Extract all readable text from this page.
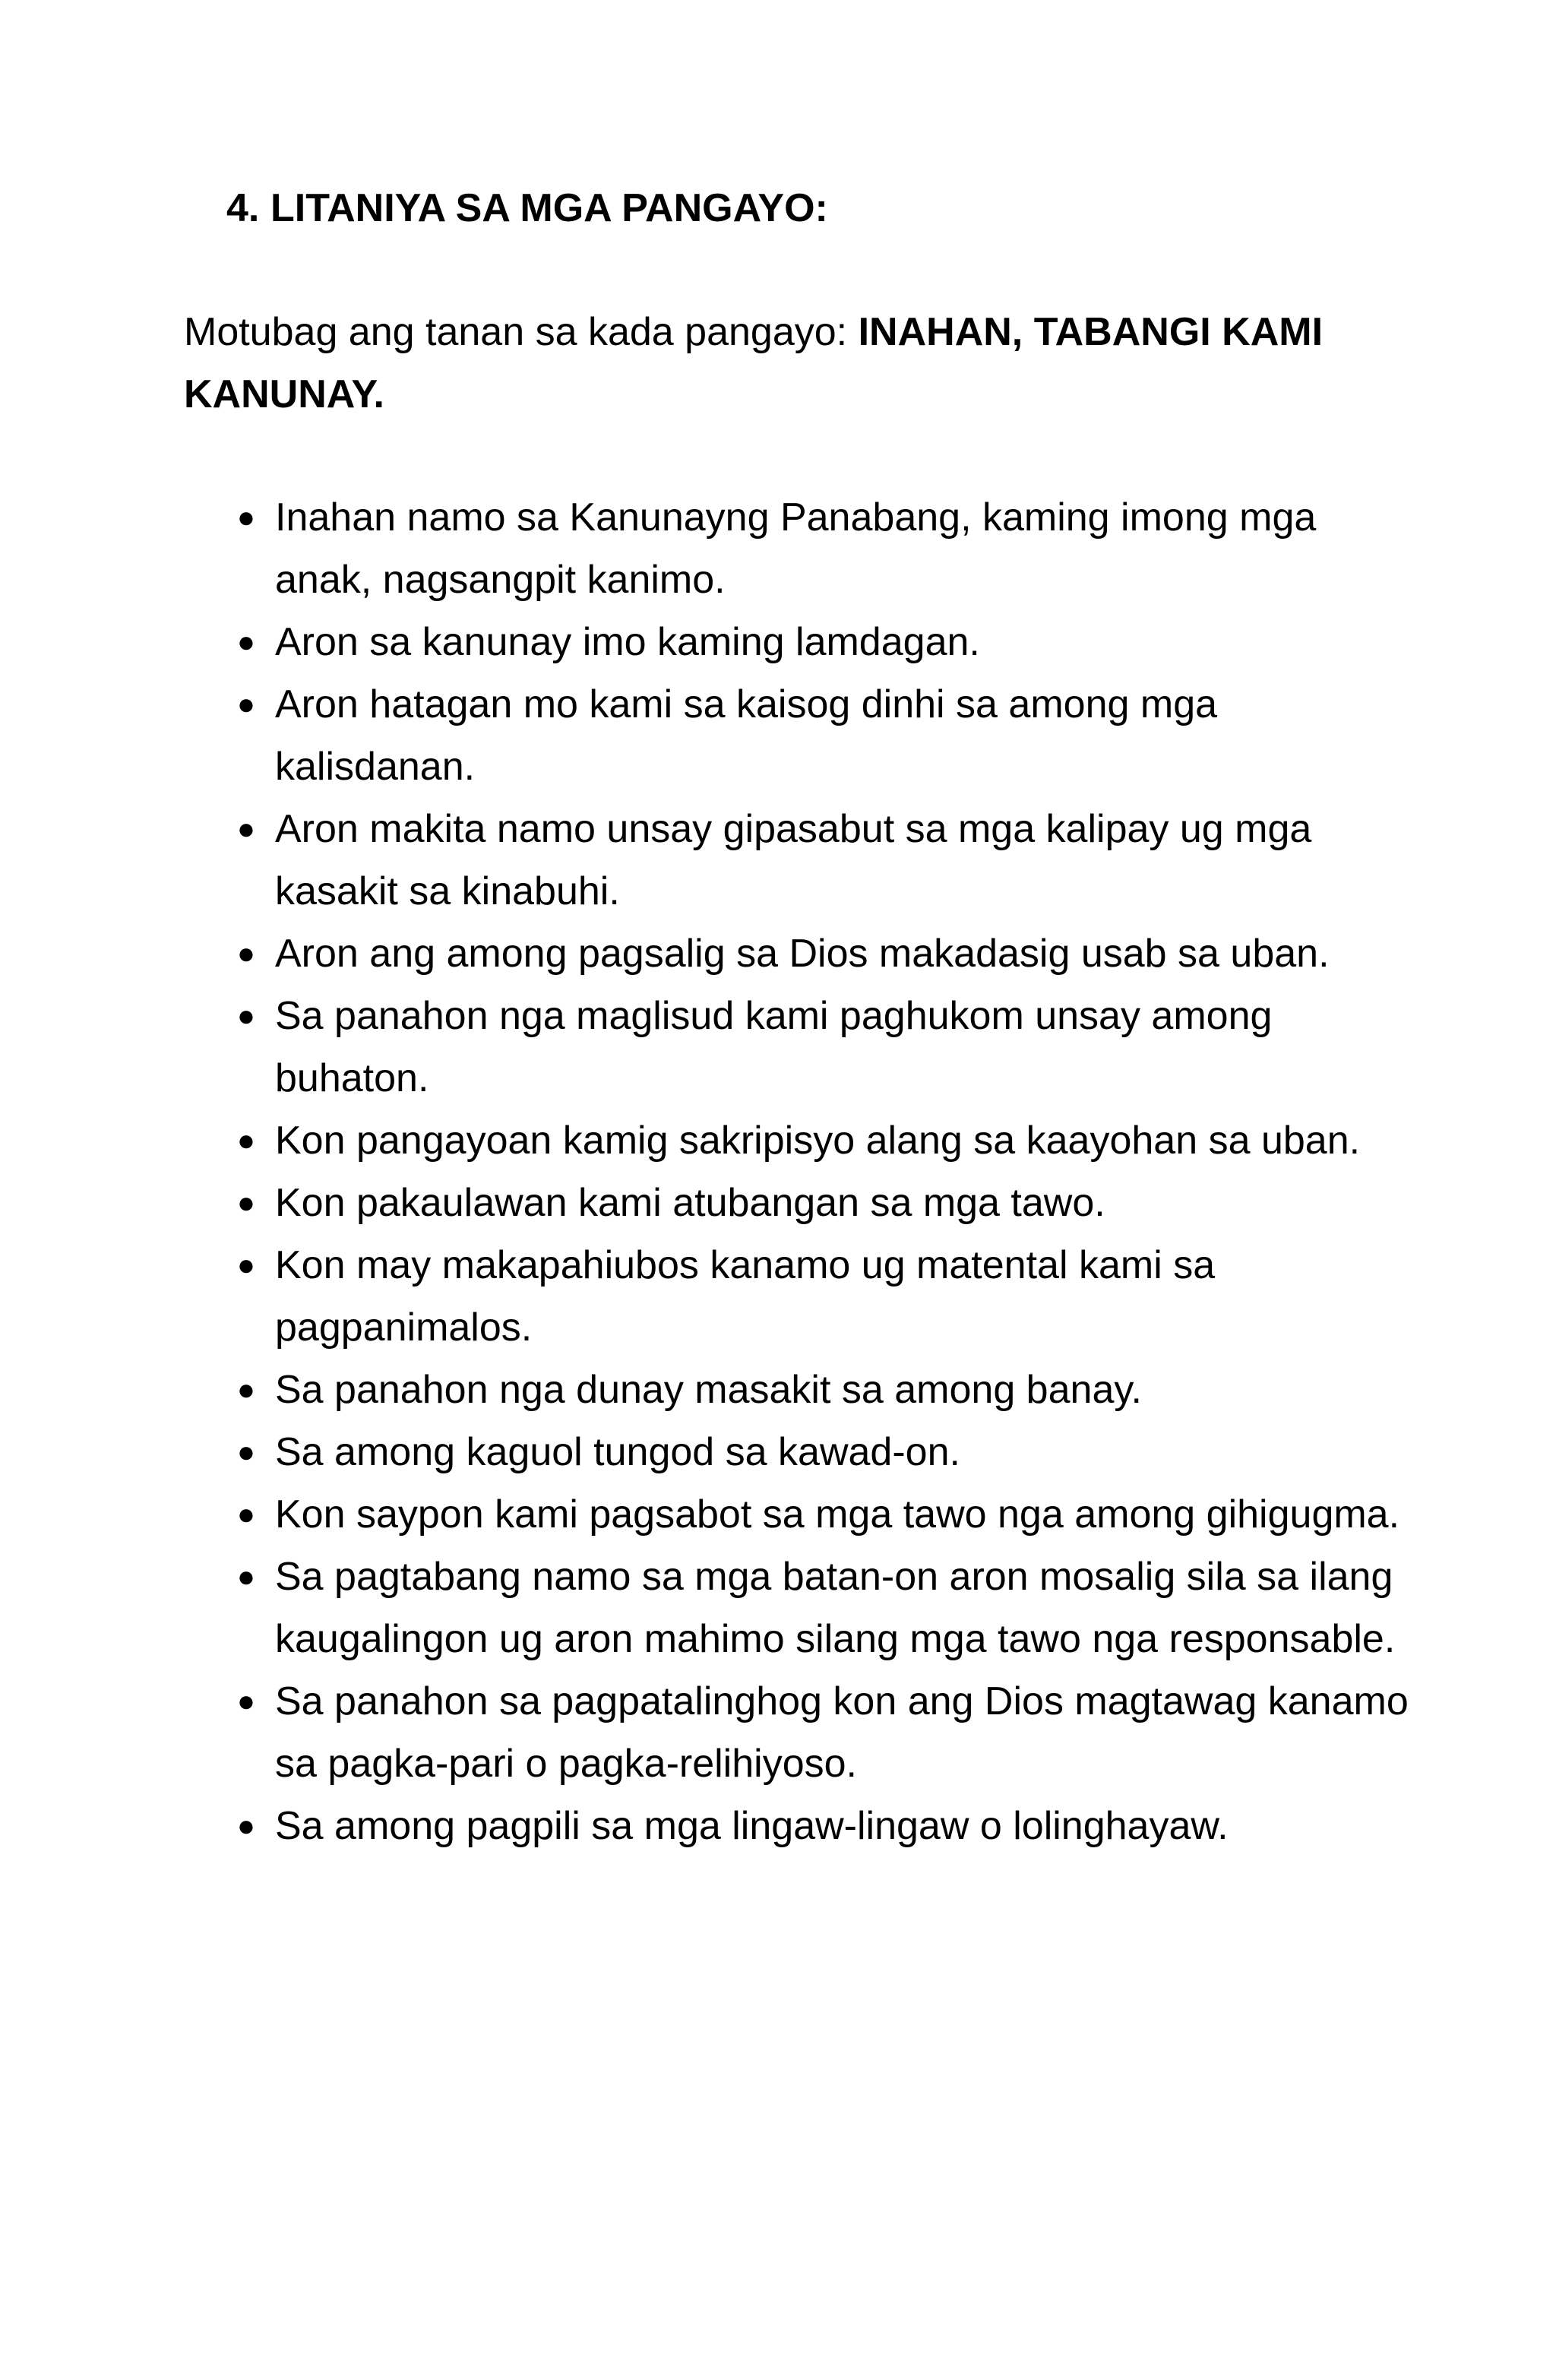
4. LITANIYA SA MGA PANGAYO:

Motubag ang tanan sa kada pangayo: INAHAN, TABANGI KAMI KANUNAY.

● Inahan namo sa Kanunayng Panabang, kaming imong mga anak, nagsangpit kanimo.
● Aron sa kanunay imo kaming lamdagan.
● Aron hatagan mo kami sa kaisog dinhi sa among mga kalisdanan.
● Aron makita namo unsay gipasabut sa mga kalipay ug mga kasakit sa kinabuhi.
● Aron ang among pagsalig sa Dios makadasig usab sa uban.
● Sa panahon nga maglisud kami paghukom unsay among buhaton.
● Kon pangayoan kamig sakripisyo alang sa kaayohan sa uban.
● Kon pakaulawan kami atubangan sa mga tawo.
● Kon may makapahiubos kanamo ug matental kami sa pagpanimalos.
● Sa panahon nga dunay masakit sa among banay.
● Sa among kaguol tungod sa kawad-on.
● Kon saypon kami pagsabot sa mga tawo nga among gihigugma.
● Sa pagtabang namo sa mga batan-on aron mosalig sila sa ilang kaugalingon ug aron mahimo silang mga tawo nga responsable.
● Sa panahon sa pagpatalinghog kon ang Dios magtawag kanamo sa pagka-pari o pagka-relihiyoso.
● Sa among pagpili sa mga lingaw-lingaw o lolinghayaw.
